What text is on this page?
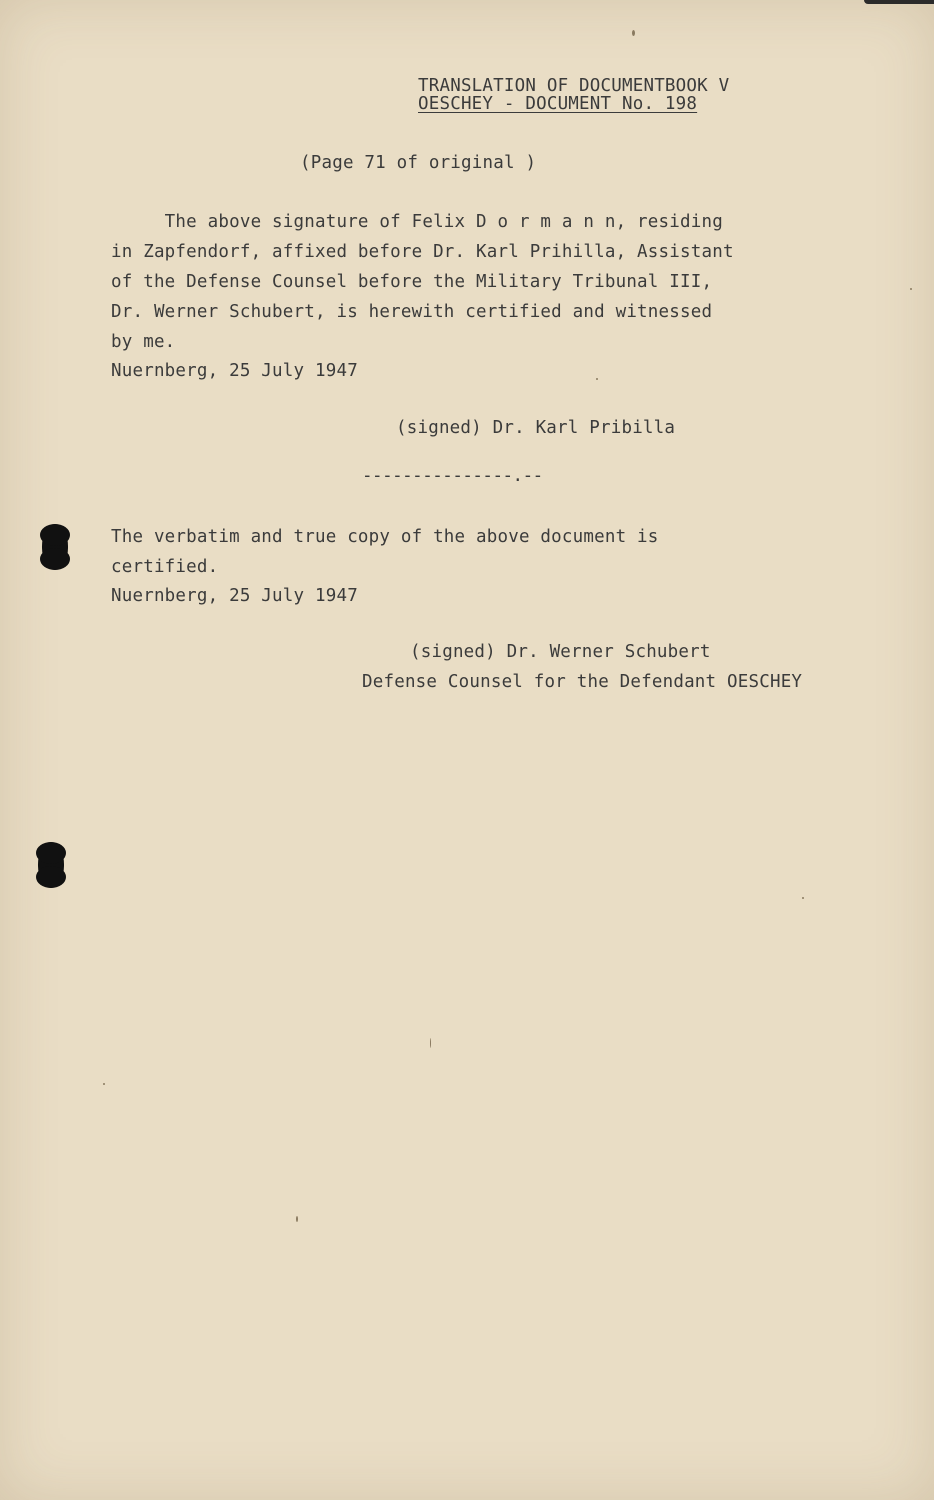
TRANSLATION OF DOCUMENTBOOK V
OESCHEY - DOCUMENT No. 198
(Page 71 of original )
The above signature of Felix D o r m a n n, residing
in Zapfendorf, affixed before Dr. Karl Prihilla, Assistant
of the Defense Counsel before the Military Tribunal III,
Dr. Werner Schubert, is herewith certified and witnessed
by me.
Nuernberg, 25 July 1947
(signed) Dr. Karl Pribilla
---------------.--
The verbatim and true copy of the above document is
certified.
Nuernberg, 25 July 1947
(signed) Dr. Werner Schubert
Defense Counsel for the Defendant OESCHEY
